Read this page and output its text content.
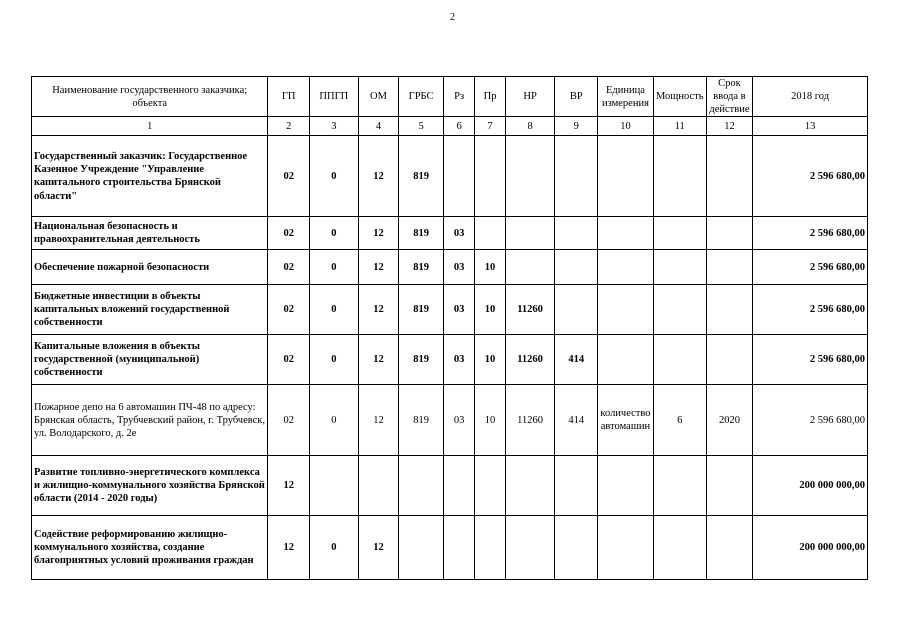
2
Наименование государственного заказчика; объекта	ГП	ППГП	ОМ	ГРБС	Рз	Пр	НР	ВР	Единица измерения	Мощность	Срок ввода в действие	2018 год
1	2	3	4	5	6	7	8	9	10	11	12	13
Государственный заказчик: Государственное Казенное Учреждение "Управление капитального строительства Брянской области"	02	0	12	819								2 596 680,00
Национальная безопасность и правоохранительная деятельность	02	0	12	819	03							2 596 680,00
Обеспечение пожарной безопасности	02	0	12	819	03	10						2 596 680,00
Бюджетные инвестиции в объекты капитальных вложений государственной собственности	02	0	12	819	03	10	11260					2 596 680,00
Капитальные вложения в объекты государственной (муниципальной) собственности	02	0	12	819	03	10	11260	414				2 596 680,00
Пожарное депо на 6 автомашин ПЧ-48 по адресу: Брянская область, Трубчевский район, г. Трубчевск, ул. Володарского, д. 2е	02	0	12	819	03	10	11260	414	количество автомашин	6	2020	2 596 680,00
Развитие топливно-энергетического комплекса и жилищно-коммунального хозяйства Брянской области (2014 - 2020 годы)	12											200 000 000,00
Содействие реформированию жилищно-коммунального хозяйства, создание благоприятных условий проживания граждан	12	0	12									200 000 000,00
